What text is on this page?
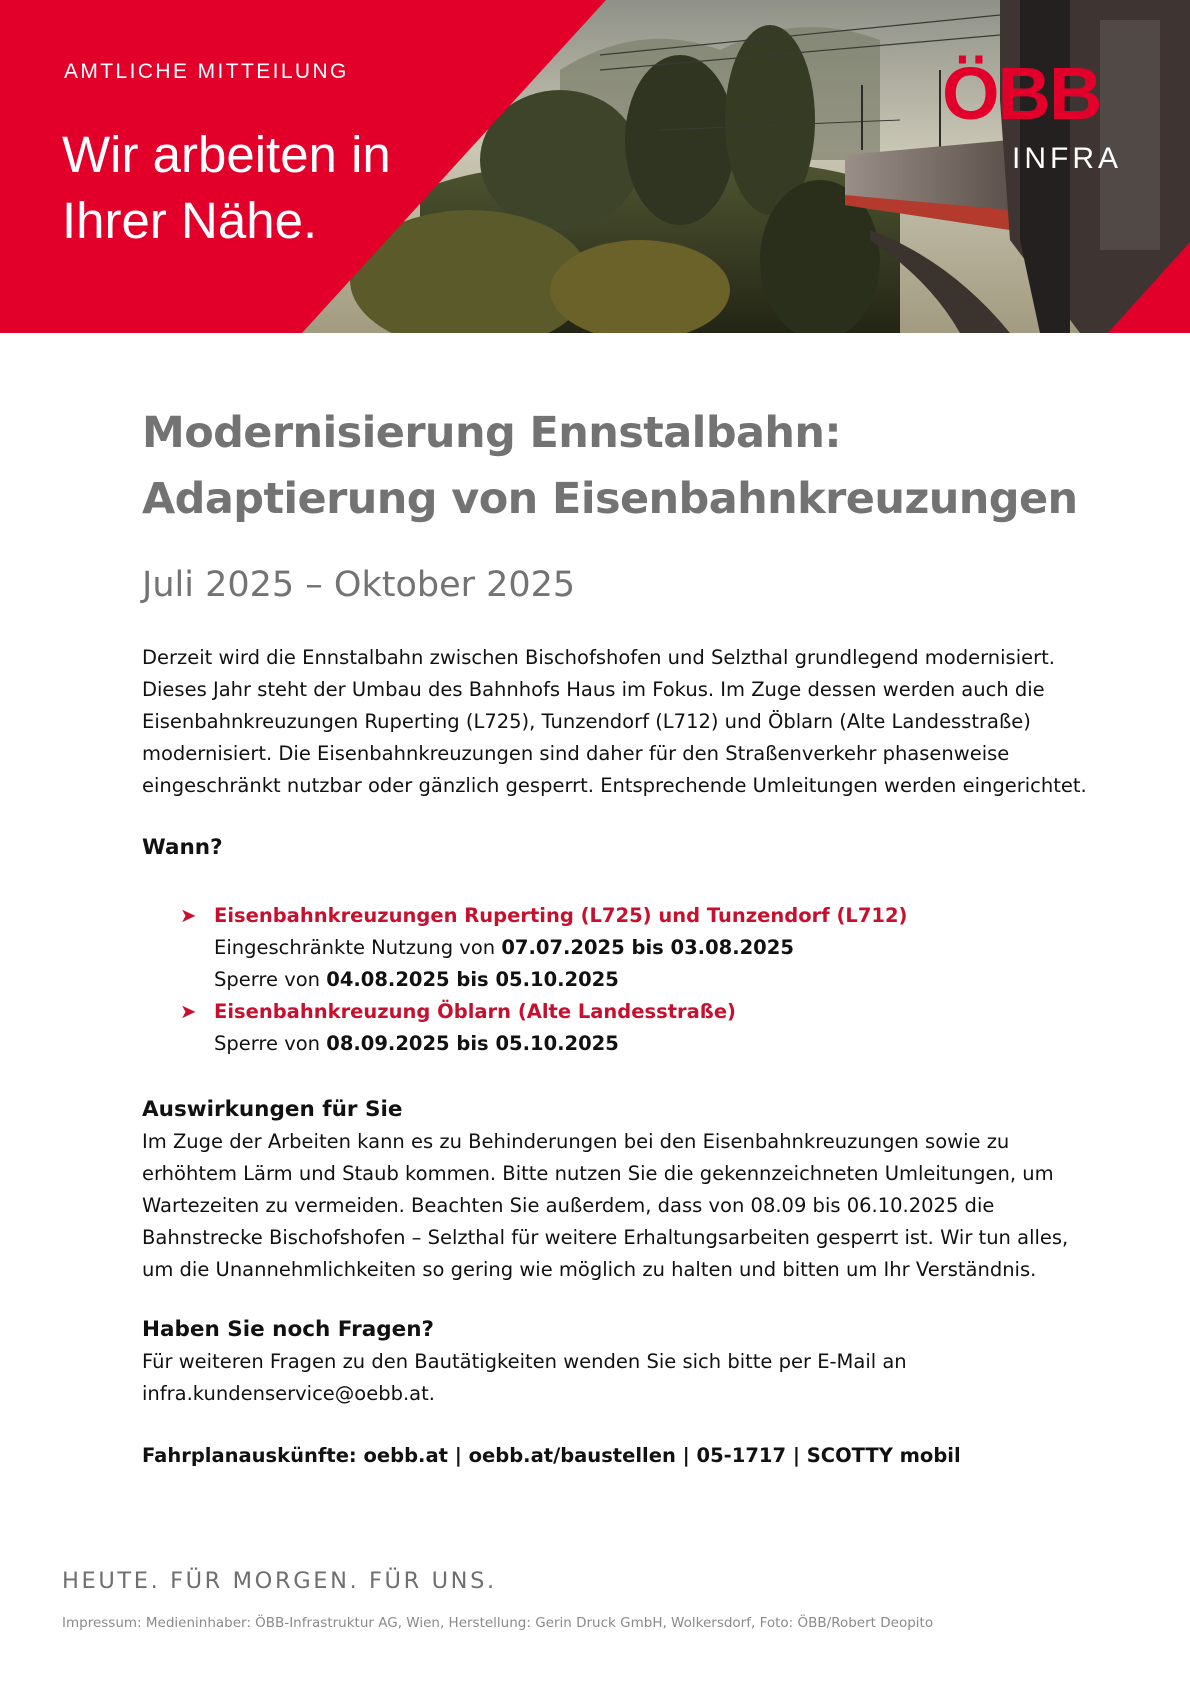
AMTLICHE MITTEILUNG
Wir arbeiten in Ihrer Nähe.
ÖBB
INFRA
Modernisierung Ennstalbahn:
Adaptierung von Eisenbahnkreuzungen
Juli 2025 – Oktober 2025

Derzeit wird die Ennstalbahn zwischen Bischofshofen und Selzthal grundlegend modernisiert. Dieses Jahr steht der Umbau des Bahnhofs Haus im Fokus. Im Zuge dessen werden auch die Eisenbahnkreuzungen Ruperting (L725), Tunzendorf (L712) und Öblarn (Alte Landesstraße) modernisiert. Die Eisenbahnkreuzungen sind daher für den Straßenverkehr phasenweise eingeschränkt nutzbar oder gänzlich gesperrt. Entsprechende Umleitungen werden eingerichtet.

Wann?
➤ Eisenbahnkreuzungen Ruperting (L725) und Tunzendorf (L712)
Eingeschränkte Nutzung von 07.07.2025 bis 03.08.2025
Sperre von 04.08.2025 bis 05.10.2025
➤ Eisenbahnkreuzung Öblarn (Alte Landesstraße)
Sperre von 08.09.2025 bis 05.10.2025
Auswirkungen für Sie

Im Zuge der Arbeiten kann es zu Behinderungen bei den Eisenbahnkreuzungen sowie zu erhöhtem Lärm und Staub kommen. Bitte nutzen Sie die gekennzeichneten Umleitungen, um Wartezeiten zu vermeiden. Beachten Sie außerdem, dass von 08.09 bis 06.10.2025 die Bahnstrecke Bischofshofen – Selzthal für weitere Erhaltungsarbeiten gesperrt ist. Wir tun alles, um die Unannehmlichkeiten so gering wie möglich zu halten und bitten um Ihr Verständnis.

Haben Sie noch Fragen?

Für weiteren Fragen zu den Bautätigkeiten wenden Sie sich bitte per E-Mail an infra.kundenservice@oebb.at.

Fahrplanauskünfte: oebb.at | oebb.at/baustellen | 05-1717 | SCOTTY mobil

HEUTE. FÜR MORGEN. FÜR UNS.
Impressum: Medieninhaber: ÖBB-Infrastruktur AG, Wien, Herstellung: Gerin Druck GmbH, Wolkersdorf, Foto: ÖBB/Robert Deopito
